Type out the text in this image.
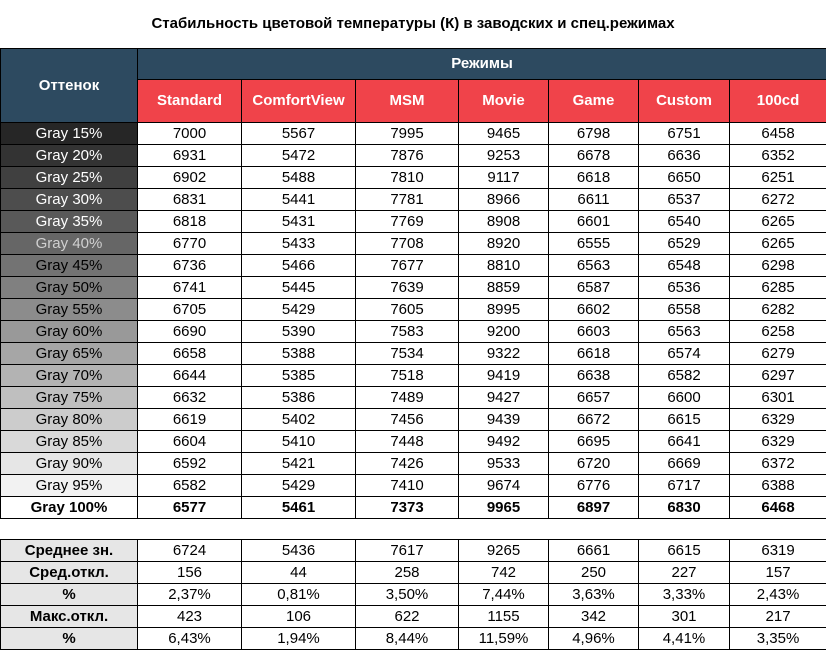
Стабильность цветовой температуры (К) в заводских и спец.режимах
Оттенок	Режимы						
	Standard	ComfortView	MSM	Movie	Game	Custom	100cd
Gray 15%	7000	5567	7995	9465	6798	6751	6458
Gray 20%	6931	5472	7876	9253	6678	6636	6352
Gray 25%	6902	5488	7810	9117	6618	6650	6251
Gray 30%	6831	5441	7781	8966	6611	6537	6272
Gray 35%	6818	5431	7769	8908	6601	6540	6265
Gray 40%	6770	5433	7708	8920	6555	6529	6265
Gray 45%	6736	5466	7677	8810	6563	6548	6298
Gray 50%	6741	5445	7639	8859	6587	6536	6285
Gray 55%	6705	5429	7605	8995	6602	6558	6282
Gray 60%	6690	5390	7583	9200	6603	6563	6258
Gray 65%	6658	5388	7534	9322	6618	6574	6279
Gray 70%	6644	5385	7518	9419	6638	6582	6297
Gray 75%	6632	5386	7489	9427	6657	6600	6301
Gray 80%	6619	5402	7456	9439	6672	6615	6329
Gray 85%	6604	5410	7448	9492	6695	6641	6329
Gray 90%	6592	5421	7426	9533	6720	6669	6372
Gray 95%	6582	5429	7410	9674	6776	6717	6388
Gray 100%	6577	5461	7373	9965	6897	6830	6468

Среднее зн.	6724	5436	7617	9265	6661	6615	6319
Сред.откл.	156	44	258	742	250	227	157
%	2,37%	0,81%	3,50%	7,44%	3,63%	3,33%	2,43%
Макс.откл.	423	106	622	1155	342	301	217
%	6,43%	1,94%	8,44%	11,59%	4,96%	4,41%	3,35%
